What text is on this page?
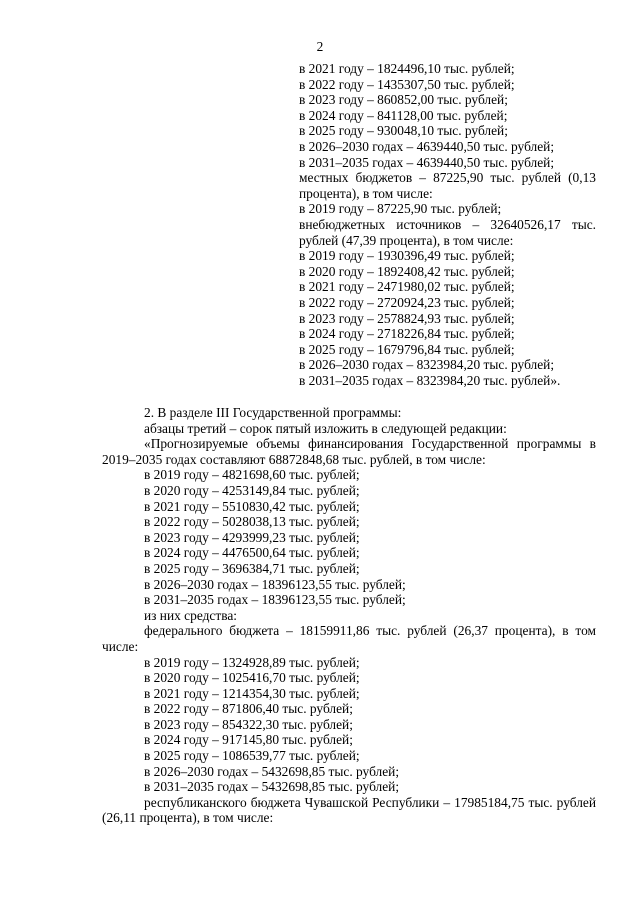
2

в 2021 году – 1824496,10 тыс. рублей;

в 2022 году – 1435307,50 тыс. рублей;

в 2023 году – 860852,00 тыс. рублей;

в 2024 году – 841128,00 тыс. рублей;

в 2025 году – 930048,10 тыс. рублей;

в 2026–2030 годах – 4639440,50 тыс. рублей;

в 2031–2035 годах – 4639440,50 тыс. рублей;

местных бюджетов – 87225,90 тыс. рублей (0,13 процента), в том числе:

в 2019 году – 87225,90 тыс. рублей;

внебюджетных источников – 32640526,17 тыс. рублей (47,39 процента), в том числе:

в 2019 году – 1930396,49 тыс. рублей;

в 2020 году – 1892408,42 тыс. рублей;

в 2021 году – 2471980,02 тыс. рублей;

в 2022 году – 2720924,23 тыс. рублей;

в 2023 году – 2578824,93 тыс. рублей;

в 2024 году – 2718226,84 тыс. рублей;

в 2025 году – 1679796,84 тыс. рублей;

в 2026–2030 годах – 8323984,20 тыс. рублей;

в 2031–2035 годах – 8323984,20 тыс. рублей».

2. В разделе III Государственной программы:

абзацы третий – сорок пятый изложить в следующей редакции:

«Прогнозируемые объемы финансирования Государственной программы в 2019–2035 годах составляют 68872848,68 тыс. рублей, в том числе:

в 2019 году – 4821698,60 тыс. рублей;

в 2020 году – 4253149,84 тыс. рублей;

в 2021 году – 5510830,42 тыс. рублей;

в 2022 году – 5028038,13 тыс. рублей;

в 2023 году – 4293999,23 тыс. рублей;

в 2024 году – 4476500,64 тыс. рублей;

в 2025 году – 3696384,71 тыс. рублей;

в 2026–2030 годах – 18396123,55 тыс. рублей;

в 2031–2035 годах – 18396123,55 тыс. рублей;

из них средства:

федерального бюджета – 18159911,86 тыс. рублей (26,37 процента), в том числе:

в 2019 году – 1324928,89 тыс. рублей;

в 2020 году – 1025416,70 тыс. рублей;

в 2021 году – 1214354,30 тыс. рублей;

в 2022 году – 871806,40 тыс. рублей;

в 2023 году – 854322,30 тыс. рублей;

в 2024 году – 917145,80 тыс. рублей;

в 2025 году – 1086539,77 тыс. рублей;

в 2026–2030 годах – 5432698,85 тыс. рублей;

в 2031–2035 годах – 5432698,85 тыс. рублей;

республиканского бюджета Чувашской Республики – 17985184,75 тыс. рублей (26,11 процента), в том числе:
